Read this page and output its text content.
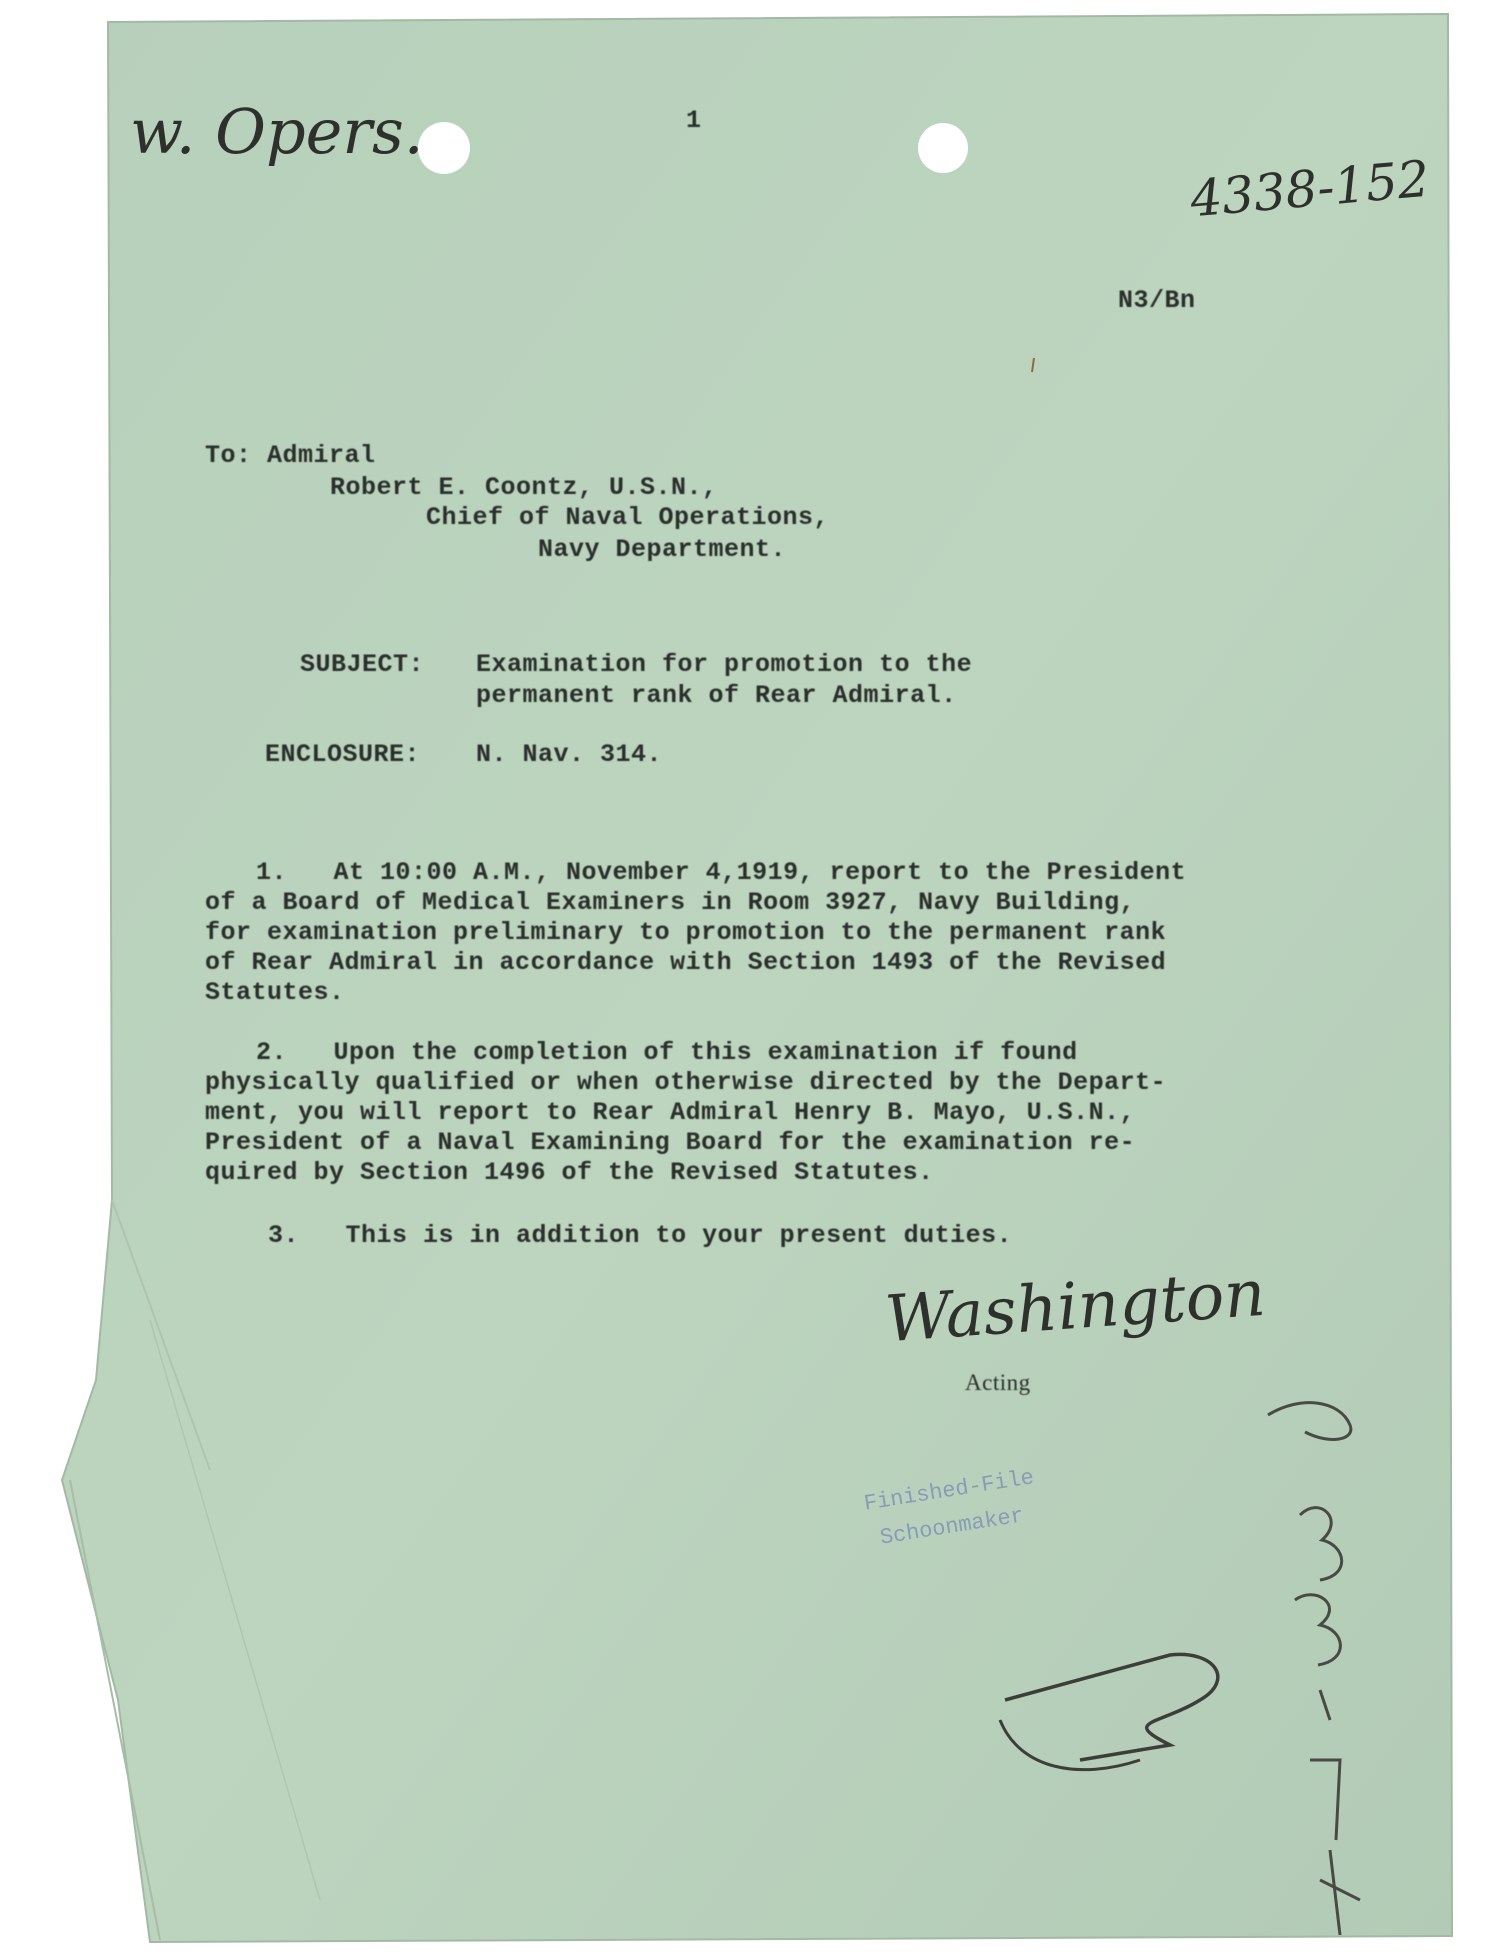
1
w. Opers.
4338-152
N3/Bn
To: Admiral
Robert E. Coontz, U.S.N.,
Chief of Naval Operations,
Navy Department.
SUBJECT: Examination for promotion to the
permanent rank of Rear Admiral.
ENCLOSURE: N. Nav. 314.
1.   At 10:00 A.M., November 4,1919, report to the President
of a Board of Medical Examiners in Room 3927, Navy Building,
for examination preliminary to promotion to the permanent rank
of Rear Admiral in accordance with Section 1493 of the Revised
Statutes.
2.   Upon the completion of this examination if found
physically qualified or when otherwise directed by the Depart-
ment, you will report to Rear Admiral Henry B. Mayo, U.S.N.,
President of a Naval Examining Board for the examination re-
quired by Section 1496 of the Revised Statutes.
3.   This is in addition to your present duties.
Washington
Acting
Finished-File
Schoonmaker
